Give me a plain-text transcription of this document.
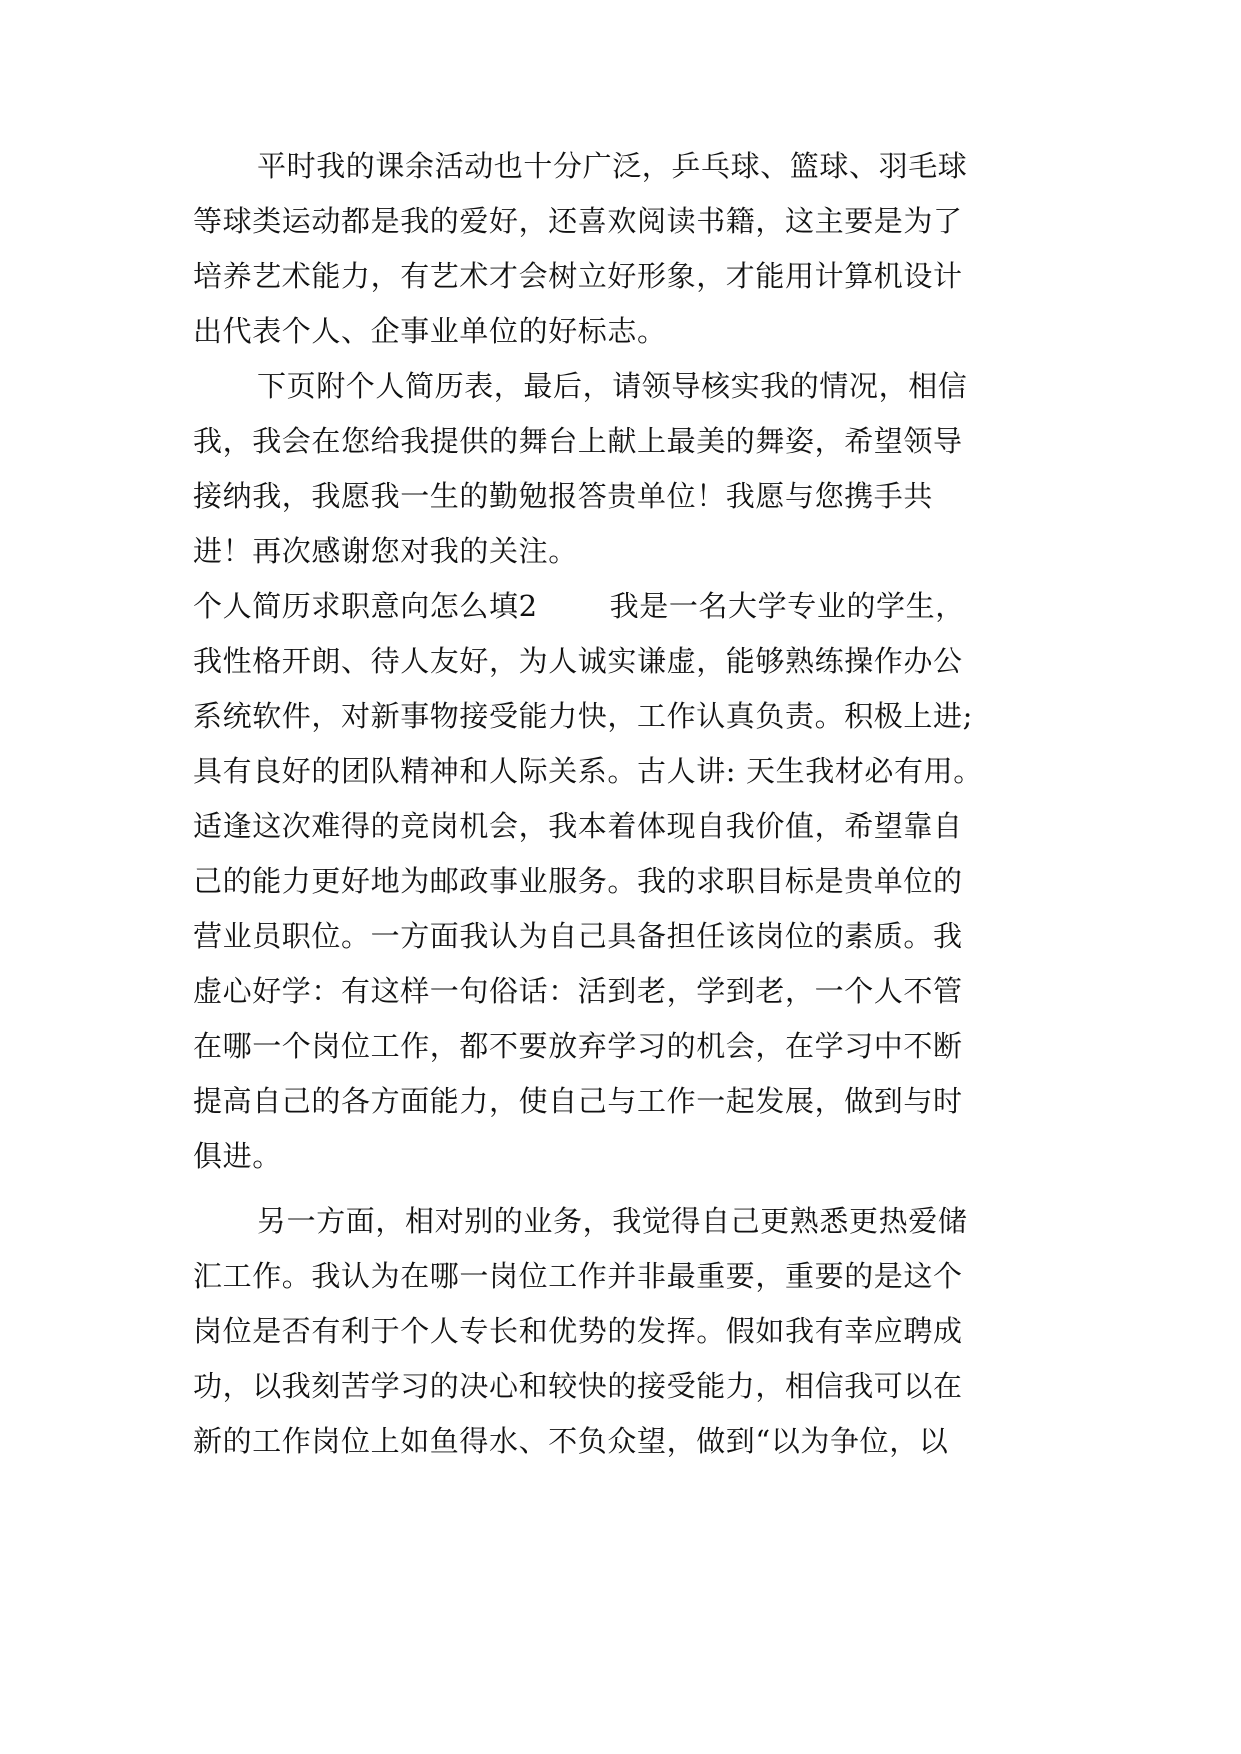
平时我的课余活动也十分广泛，乒乓球、篮球、羽毛球
等球类运动都是我的爱好，还喜欢阅读书籍，这主要是为了
培养艺术能力，有艺术才会树立好形象，才能用计算机设计
出代表个人、企事业单位的好标志。
下页附个人简历表，最后，请领导核实我的情况，相信
我，我会在您给我提供的舞台上献上最美的舞姿，希望领导
接纳我，我愿我一生的勤勉报答贵单位！我愿与您携手共
进！再次感谢您对我的关注。
个人简历求职意向怎么填2 我是一名大学专业的学生，
我性格开朗、待人友好，为人诚实谦虚，能够熟练操作办公
系统软件，对新事物接受能力快，工作认真负责。积极上进;
具有良好的团队精神和人际关系。古人讲: 天生我材必有用。
适逢这次难得的竞岗机会，我本着体现自我价值，希望靠自
己的能力更好地为邮政事业服务。我的求职目标是贵单位的
营业员职位。一方面我认为自己具备担任该岗位的素质。我
虚心好学：有这样一句俗话：活到老，学到老，一个人不管
在哪一个岗位工作，都不要放弃学习的机会，在学习中不断
提高自己的各方面能力，使自己与工作一起发展，做到与时
俱进。
另一方面，相对别的业务，我觉得自己更熟悉更热爱储
汇工作。我认为在哪一岗位工作并非最重要，重要的是这个
岗位是否有利于个人专长和优势的发挥。假如我有幸应聘成
功，以我刻苦学习的决心和较快的接受能力，相信我可以在
新的工作岗位上如鱼得水、不负众望，做到“以为争位，以
